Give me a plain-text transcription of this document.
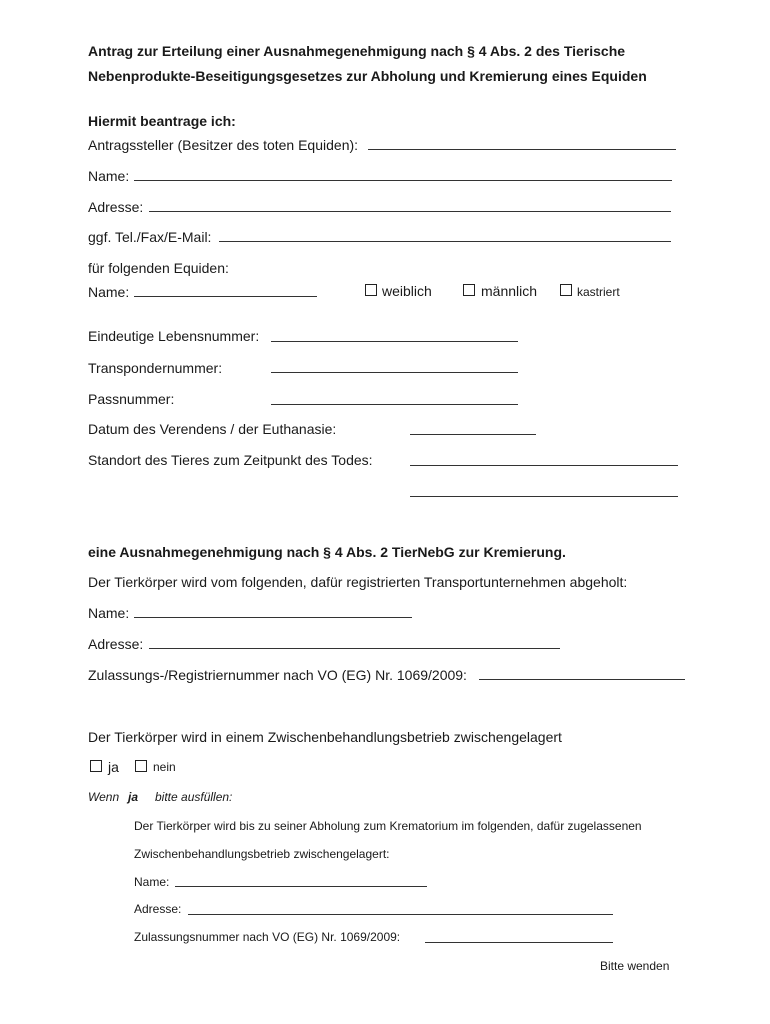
Antrag zur Erteilung einer Ausnahmegenehmigung nach § 4 Abs. 2 des Tierische
Nebenprodukte-Beseitigungsgesetzes zur Abholung und Kremierung eines Equiden
Hiermit beantrage ich:
Antragssteller (Besitzer des toten Equiden):
Name:
Adresse:
ggf. Tel./Fax/E-Mail:
für folgenden Equiden:
Name:	weiblich	männlich	kastriert
Eindeutige Lebensnummer:
Transpondernummer:
Passnummer:
Datum des Verendens / der Euthanasie:
Standort des Tieres zum Zeitpunkt des Todes:
eine Ausnahmegenehmigung nach § 4 Abs. 2 TierNebG zur Kremierung.
Der Tierkörper wird vom folgenden, dafür registrierten Transportunternehmen abgeholt:
Name:
Adresse:
Zulassungs-/Registriernummer nach VO (EG) Nr. 1069/2009:
Der Tierkörper wird in einem Zwischenbehandlungsbetrieb zwischengelagert
ja	nein
Wenn ja bitte ausfüllen:
Der Tierkörper wird bis zu seiner Abholung zum Krematorium im folgenden, dafür zugelassenen
Zwischenbehandlungsbetrieb zwischengelagert:
Name:
Adresse:
Zulassungsnummer nach VO (EG) Nr. 1069/2009:
Bitte wenden
